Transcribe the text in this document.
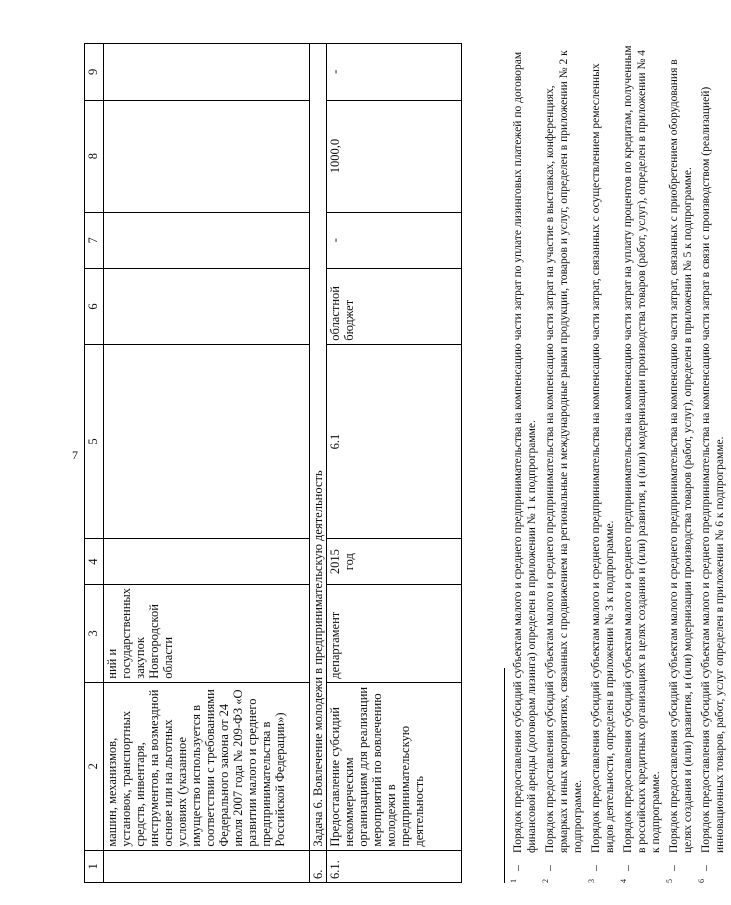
7
1	2	3	4	5	6	7	8	9
	машин, механизмов, установок, транспортных средств, инвентаря, инструментов, на возмездной основе или на льготных условиях (указанное имущество используется в соответствии с требованиями Федерального закона от 24 июля 2007 года № 209-ФЗ «О развитии малого и среднего предпринимательства в Российской Федерации»)	ний и государственных закупок Новгородской области						
6.	Задача 6. Вовлечение молодежи в предпринимательскую деятельность							
6.1.	Предоставление субсидий некоммерческим организациям для реализации мероприятий по вовлечению молодежи в предпринимательскую деятельность	департамент	2015 год	6.1	областной бюджет	-	1000,0	-
1
–
Порядок предоставления субсидий субъектам малого и среднего предпринимательства на компенсацию части затрат по уплате лизинговых платежей по договорам финансовой аренды (договорам лизинга) определен в приложении № 1 к подпрограмме.
2
–
Порядок предоставления субсидий субъектам малого и среднего предпринимательства на компенсацию части затрат на участие в выставках, конференциях, ярмарках и иных мероприятиях, связанных с продвижением на региональные и международные рынки продукции, товаров и услуг, определен в приложении № 2 к подпрограмме.
3
–
Порядок предоставления субсидий субъектам малого и среднего предпринимательства на компенсацию части затрат, связанных с осуществлением ремесленных видов деятельности, определен в приложении № 3 к подпрограмме.
4
–
Порядок предоставления субсидий субъектам малого и среднего предпринимательства на компенсацию части затрат на уплату процентов по кредитам, полученным в российских кредитных организациях в целях создания и (или) развития, и (или) модернизации производства товаров (работ, услуг), определен в приложении № 4 к подпрограмме.
5
–
Порядок предоставления субсидий субъектам малого и среднего предпринимательства на компенсацию части затрат, связанных с приобретением оборудования в целях создания и (или) развития, и (или) модернизации производства товаров (работ, услуг), определен в приложении № 5 к подпрограмме.
6
–
Порядок предоставления субсидий субъектам малого и среднего предпринимательства на компенсацию части затрат в связи с производством (реализацией) инновационных товаров, работ, услуг определен в приложении № 6 к подпрограмме.
